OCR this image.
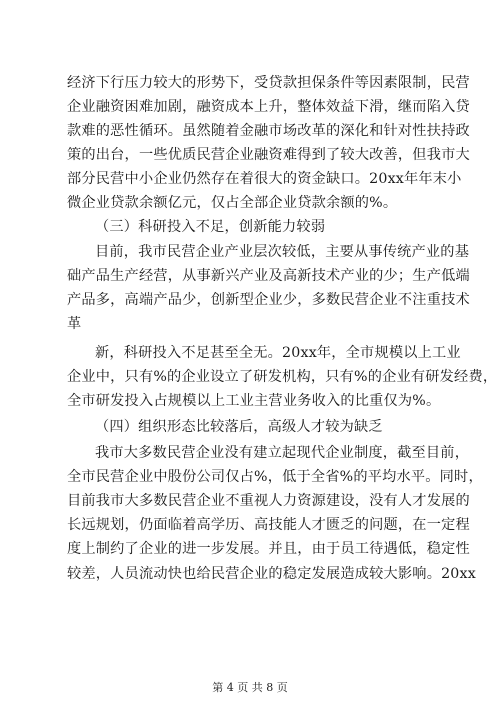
经济下行压力较大的形势下，受贷款担保条件等因素限制，民营
企业融资困难加剧，融资成本上升，整体效益下滑，继而陷入贷
款难的恶性循环。虽然随着金融市场改革的深化和针对性扶持政
策的出台，一些优质民营企业融资难得到了较大改善，但我市大
部分民营中小企业仍然存在着很大的资金缺口。20xx年年末小
微企业贷款余额亿元，仅占全部企业贷款余额的%。
（三）科研投入不足，创新能力较弱
目前，我市民营企业产业层次较低，主要从事传统产业的基
础产品生产经营，从事新兴产业及高新技术产业的少；生产低端
产品多，高端产品少，创新型企业少，多数民营企业不注重技术
革
新，科研投入不足甚至全无。20xx年，全市规模以上工业
企业中，只有%的企业设立了研发机构，只有%的企业有研发经费，
全市研发投入占规模以上工业主营业务收入的比重仅为%。
（四）组织形态比较落后，高级人才较为缺乏
我市大多数民营企业没有建立起现代企业制度，截至目前，
全市民营企业中股份公司仅占%，低于全省%的平均水平。同时，
目前我市大多数民营企业不重视人力资源建设，没有人才发展的
长远规划，仍面临着高学历、高技能人才匮乏的问题，在一定程
度上制约了企业的进一步发展。并且，由于员工待遇低，稳定性
较差，人员流动快也给民营企业的稳定发展造成较大影响。20xx
第 4 页 共 8 页
